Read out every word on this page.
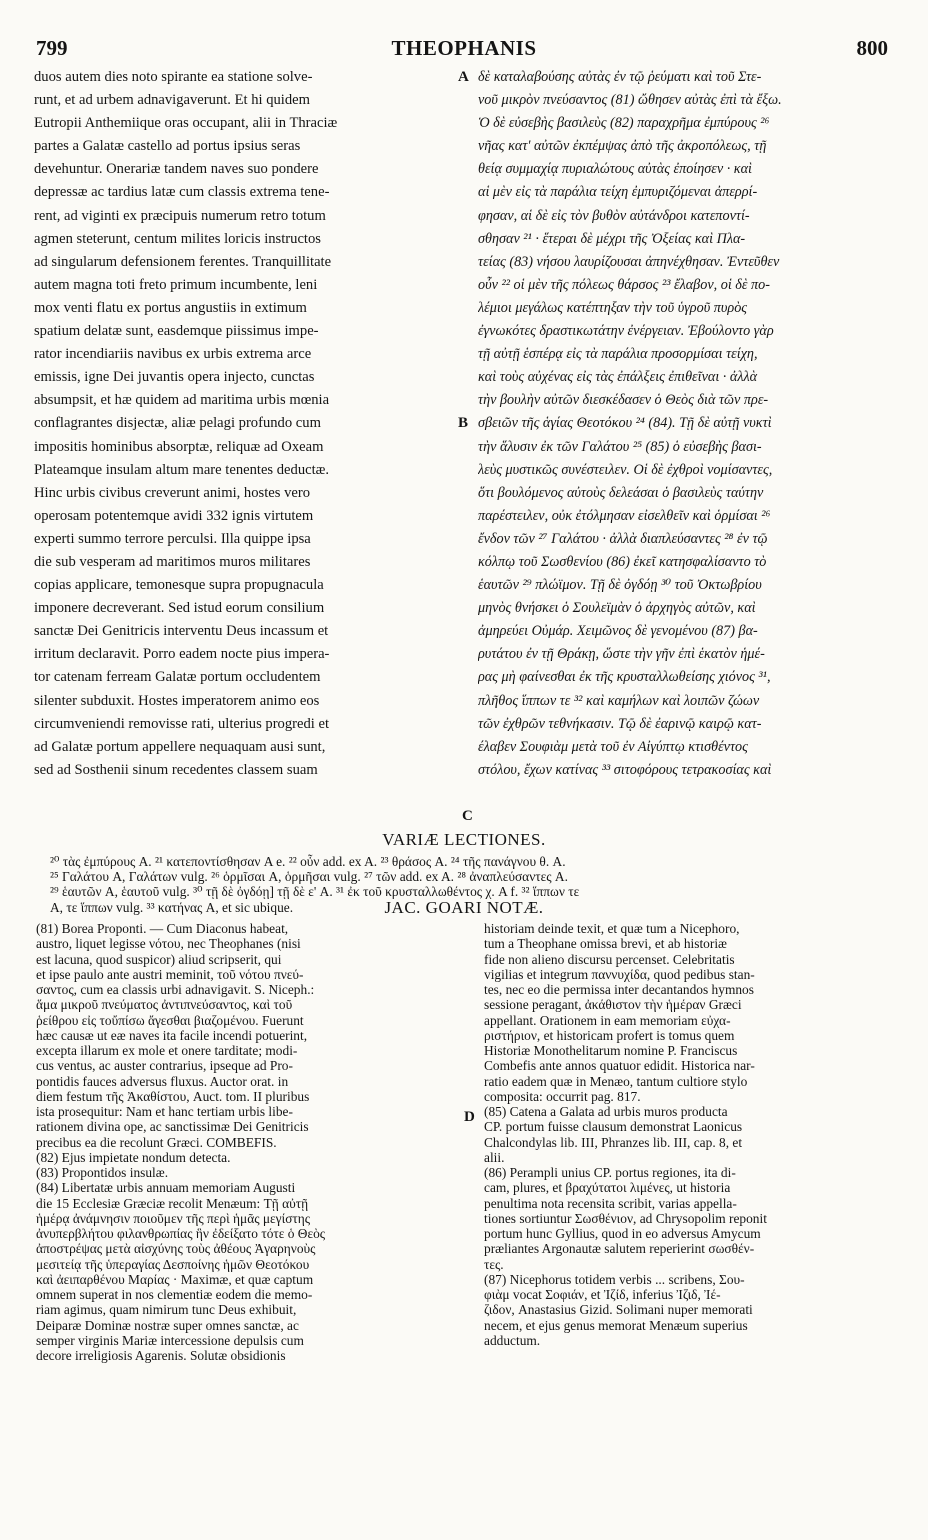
799	THEOPHANIS	800
duos autem dies noto spirante ea statione solve-
runt, et ad urbem adnavigaverunt. Et hi quidem
Eutropii Anthemiique oras occupant, alii in Thraciæ
partes a Galatæ castello ad portus ipsius seras
devehuntur. Onerariæ tandem naves suo pondere
depressæ ac tardius latæ cum classis extrema tene-
rent, ad viginti ex præcipuis numerum retro totum
agmen steterunt, centum milites loricis instructos
ad singularum defensionem ferentes. Tranquillitate
autem magna toti freto primum incumbente, leni
mox venti flatu ex portus angustiis in extimum
spatium delatæ sunt, easdemque piissimus impe-
rator incendiariis navibus ex urbis extrema arce
emissis, igne Dei juvantis opera injecto, cunctas
absumpsit, et hæ quidem ad maritima urbis mœnia
conflagrantes disjectæ, aliæ pelagi profundo cum
impositis hominibus absorptæ, reliquæ ad Oxeam
Plateamque insulam altum mare tenentes deductæ.
Hinc urbis civibus creverunt animi, hostes vero
operosam potentemque avidi 332 ignis virtutem
experti summo terrore perculsi. Illa quippe ipsa
die sub vesperam ad maritimos muros militares
copias applicare, temonesque supra propugnacula
imponere decreverant. Sed istud eorum consilium
sanctæ Dei Genitricis interventu Deus incassum et
irritum declaravit. Porro eadem nocte pius impera-
tor catenam ferream Galatæ portum occludentem
silenter subduxit. Hostes imperatorem animo eos
circumveniendi removisse rati, ulterius progredi et
ad Galatæ portum appellere nequaquam ausi sunt,
sed ad Sosthenii sinum recedentes classem suam
δὲ καταλαβούσης αὐτὰς ἐν τῷ ῥεύματι καὶ τοῦ Στε-
νοῦ μικρὸν πνεύσαντος (81) ὤθησεν αὐτὰς ἐπὶ τὰ ἔξω.
Ὁ δὲ εὐσεβὴς βασιλεὺς (82) παραχρῆμα ἐμπύρους ²⁶
νῆας κατ' αὐτῶν ἐκπέμψας ἀπὸ τῆς ἀκροπόλεως, τῇ
θείᾳ συμμαχίᾳ πυριαλώτους αὐτὰς ἐποίησεν · καὶ
αἱ μὲν εἰς τὰ παράλια τείχη ἐμπυριζόμεναι ἀπερρί-
φησαν, αἱ δὲ εἰς τὸν βυθὸν αὐτάνδροι κατεποντί-
σθησαν ²¹ · ἕτεραι δὲ μέχρι τῆς Ὀξείας καὶ Πλα-
τείας (83) νήσου λαυρίζουσαι ἀπηνέχθησαν. Ἐντεῦθεν
οὖν ²² οἱ μὲν τῆς πόλεως θάρσος ²³ ἔλαβον, οἱ δὲ πο-
λέμιοι μεγάλως κατέπτηξαν τὴν τοῦ ὑγροῦ πυρὸς
ἐγνωκότες δραστικωτάτην ἐνέργειαν. Ἐβούλοντο γὰρ
τῇ αὐτῇ ἑσπέρᾳ εἰς τὰ παράλια προσορμίσαι τείχη,
καὶ τοὺς αὐχένας εἰς τὰς ἐπάλξεις ἐπιθεῖναι · ἀλλὰ
τὴν βουλὴν αὐτῶν διεσκέδασεν ὁ Θεὸς διὰ τῶν πρε-
σβειῶν τῆς ἁγίας Θεοτόκου ²⁴ (84). Τῇ δὲ αὐτῇ νυκτὶ
τὴν ἅλυσιν ἐκ τῶν Γαλάτου ²⁵ (85) ὁ εὐσεβὴς βασι-
λεὺς μυστικῶς συνέστειλεν. Οἱ δὲ ἐχθροὶ νομίσαντες,
ὅτι βουλόμενος αὐτοὺς δελεάσαι ὁ βασιλεὺς ταύτην
παρέστειλεν, οὐκ ἐτόλμησαν εἰσελθεῖν καὶ ὁρμίσαι ²⁶
ἔνδον τῶν ²⁷ Γαλάτου · ἀλλὰ διαπλεύσαντες ²⁸ ἐν τῷ
κόλπῳ τοῦ Σωσθενίου (86) ἐκεῖ κατησφαλίσαντο τὸ
ἑαυτῶν ²⁹ πλώϊμον. Τῇ δὲ ὀγδόῃ ³⁰ τοῦ Ὀκτωβρίου
μηνὸς θνήσκει ὁ Σουλεϊμὰν ὁ ἀρχηγὸς αὐτῶν, καὶ
ἀμηρεύει Οὐμάρ. Χειμῶνος δὲ γενομένου (87) βα-
ρυτάτου ἐν τῇ Θράκῃ, ὥστε τὴν γῆν ἐπὶ ἑκατὸν ἡμέ-
ρας μὴ φαίνεσθαι ἐκ τῆς κρυσταλλωθείσης χιόνος ³¹,
πλῆθος ἵππων τε ³² καὶ καμήλων καὶ λοιπῶν ζώων
τῶν ἐχθρῶν τεθνήκασιν. Τῷ δὲ ἐαρινῷ καιρῷ κατ-
έλαβεν Σουφιὰμ μετὰ τοῦ ἐν Αἰγύπτῳ κτισθέντος
στόλου, ἔχων κατίνας ³³ σιτοφόρους τετρακοσίας καὶ
A
B
C
D
VARIÆ LECTIONES.
²⁰ τὰς ἐμπύρους A. ²¹ κατεποντίσθησαν A e. ²² οὖν add. ex A. ²³ θράσος A. ²⁴ τῆς πανάγνου θ. A.
²⁵ Γαλάτου A, Γαλάτων vulg. ²⁶ ὁρμῖσαι A, ὁρμῆσαι vulg. ²⁷ τῶν add. ex A. ²⁸ ἀναπλεύσαντες A.
²⁹ ἑαυτῶν A, ἑαυτοῦ vulg. ³⁰ τῇ δὲ ὀγδόῃ] τῇ δὲ ε' A. ³¹ ἐκ τοῦ κρυσταλλωθέντος χ. A f. ³² ἵππων τε
A, τε ἵππων vulg. ³³ κατήνας A, et sic ubique.	JAC. GOARI NOTÆ.
(81) Borea Proponti. — Cum Diaconus habeat,
austro, liquet legisse νότου, nec Theophanes (nisi
est lacuna, quod suspicor) aliud scripserit, qui
et ipse paulo ante austri meminit, τοῦ νότου πνεύ-
σαντος, cum ea classis urbi adnavigavit. S. Niceph.:
ἅμα μικροῦ πνεύματος ἀντιπνεύσαντος, καὶ τοῦ
ῥείθρου εἰς τοὔπίσω ἄγεσθαι βιαζομένου. Fuerunt
hæc causæ ut eæ naves ita facile incendi potuerint,
excepta illarum ex mole et onere tarditate; modi-
cus ventus, ac auster contrarius, ipseque ad Pro-
pontidis fauces adversus fluxus. Auctor orat. in
diem festum τῆς Ἀκαθίστου, Auct. tom. II pluribus
ista prosequitur: Nam et hanc tertiam urbis libe-
rationem divina ope, ac sanctissimæ Dei Genitricis
precibus ea die recolunt Græci. COMBEFIS.
(82) Ejus impietate nondum detecta.
(83) Propontidos insulæ.
(84) Libertatæ urbis annuam memoriam Augusti
die 15 Ecclesiæ Græciæ recolit Menæum: Τῇ αὐτῇ
ἡμέρᾳ ἀνάμνησιν ποιοῦμεν τῆς περὶ ἡμᾶς μεγίστης
ἀνυπερβλήτου φιλανθρωπίας ἣν ἐδείξατο τότε ὁ Θεὸς
ἀποστρέψας μετὰ αἰσχύνης τοὺς ἀθέους Ἀγαρηνοὺς
μεσιτείᾳ τῆς ὑπεραγίας Δεσποίνης ἡμῶν Θεοτόκου
καὶ ἀειπαρθένου Μαρίας · Maximæ, et quæ captum
omnem superat in nos clementiæ eodem die memo-
riam agimus, quam nimirum tunc Deus exhibuit,
Deiparæ Dominæ nostræ super omnes sanctæ, ac
semper virginis Mariæ intercessione depulsis cum
decore irreligiosis Agarenis. Solutæ obsidionis
historiam deinde texit, et quæ tum a Nicephoro,
tum a Theophane omissa brevi, et ab historiæ
fide non alieno discursu percenset. Celebritatis
vigilias et integrum παννυχίδα, quod pedibus stan-
tes, nec eo die permissa inter decantandos hymnos
sessione peragant, ἀκάθιστον τὴν ἡμέραν Græci
appellant. Orationem in eam memoriam εὐχα-
ριστήριον, et historicam profert is tomus quem
Historiæ Monothelitarum nomine P. Franciscus
Combefis ante annos quatuor edidit. Historica nar-
ratio eadem quæ in Menæo, tantum cultiore stylo
composita: occurrit pag. 817.
(85) Catena a Galata ad urbis muros producta
CP. portum fuisse clausum demonstrat Laonicus
Chalcondylas lib. III, Phranzes lib. III, cap. 8, et
alii.
(86) Perampli unius CP. portus regiones, ita di-
cam, plures, et βραχύτατοι λιμένες, ut historia
penultima nota recensita scribit, varias appella-
tiones sortiuntur Σωσθένιον, ad Chrysopolim reponit
portum hunc Gyllius, quod in eo adversus Amycum
præliantes Argonautæ salutem reperierint σωσθέν-
τες.
(87) Nicephorus totidem verbis ... scribens, Σου-
φιὰμ vocat Σοφιάν, et Ἰζίδ, inferius Ἰζιδ, Ἰέ-
ζιδον, Anastasius Gizid. Solimani nuper memorati
necem, et ejus genus memorat Menæum superius
adductum.
